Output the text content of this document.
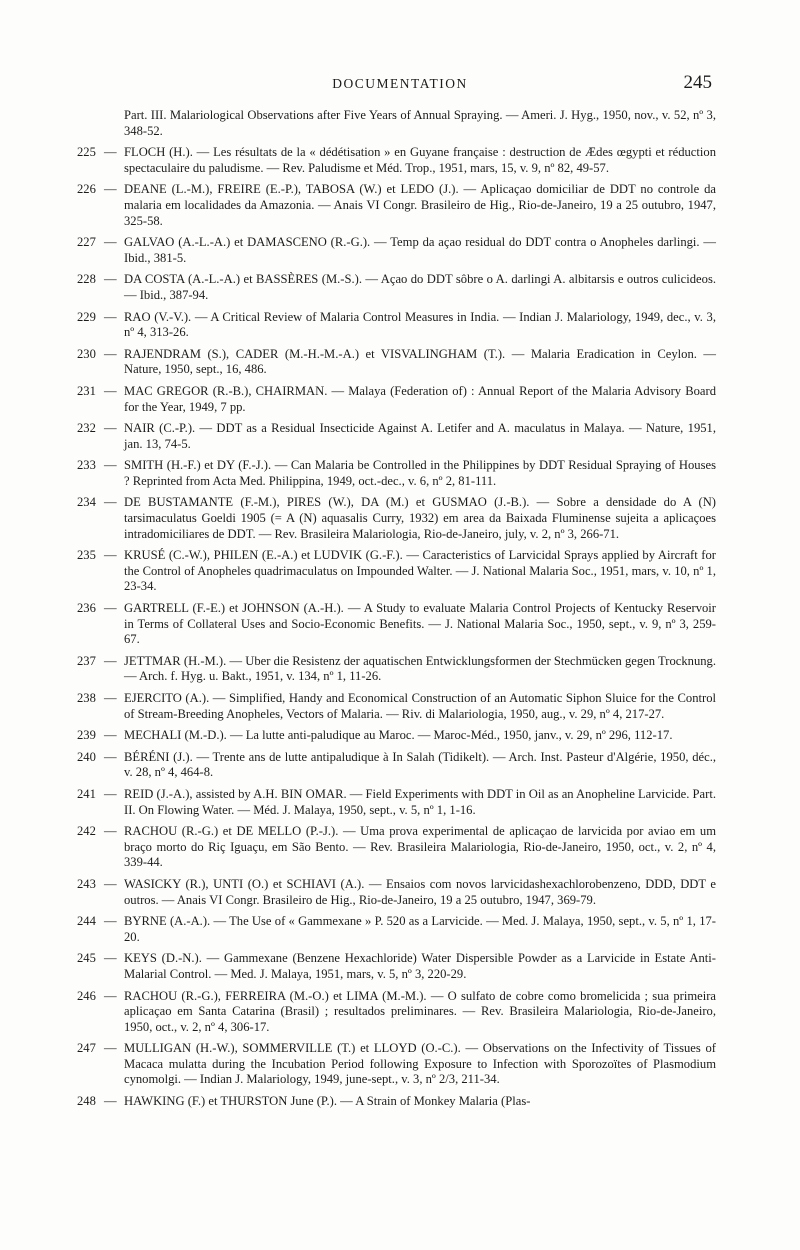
DOCUMENTATION	245
Part. III. Malariological Observations after Five Years of Annual Spraying. — Ameri. J. Hyg., 1950, nov., v. 52, nº 3, 348-52.
225 — FLOCH (H.). — Les résultats de la « dédétisation » en Guyane française : destruction de Ædes œgypti et réduction spectaculaire du paludisme. — Rev. Paludisme et Méd. Trop., 1951, mars, 15, v. 9, nº 82, 49-57.
226 — DEANE (L.-M.), FREIRE (E.-P.), TABOSA (W.) et LEDO (J.). — Aplicaçao domiciliar de DDT no controle da malaria em localidades da Amazonia. — Anais VI Congr. Brasileiro de Hig., Rio-de-Janeiro, 19 a 25 outubro, 1947, 325-58.
227 — GALVAO (A.-L.-A.) et DAMASCENO (R.-G.). — Temp da açao residual do DDT contra o Anopheles darlingi. — Ibid., 381-5.
228 — DA COSTA (A.-L.-A.) et BASSÈRES (M.-S.). — Açao do DDT sôbre o A. darlingi A. albitarsis e outros culicideos. — Ibid., 387-94.
229 — RAO (V.-V.). — A Critical Review of Malaria Control Measures in India. — Indian J. Malariology, 1949, dec., v. 3, nº 4, 313-26.
230 — RAJENDRAM (S.), CADER (M.-H.-M.-A.) et VISVALINGHAM (T.). — Malaria Eradication in Ceylon. — Nature, 1950, sept., 16, 486.
231 — MAC GREGOR (R.-B.), CHAIRMAN. — Malaya (Federation of) : Annual Report of the Malaria Advisory Board for the Year, 1949, 7 pp.
232 — NAIR (C.-P.). — DDT as a Residual Insecticide Against A. Letifer and A. maculatus in Malaya. — Nature, 1951, jan. 13, 74-5.
233 — SMITH (H.-F.) et DY (F.-J.). — Can Malaria be Controlled in the Philippines by DDT Residual Spraying of Houses ? Reprinted from Acta Med. Philippina, 1949, oct.-dec., v. 6, nº 2, 81-111.
234 — DE BUSTAMANTE (F.-M.), PIRES (W.), DA (M.) et GUSMAO (J.-B.). — Sobre a densidade do A (N) tarsimaculatus Goeldi 1905 (= A (N) aquasalis Curry, 1932) em area da Baixada Fluminense sujeita a aplicaçoes intradomiciliares de DDT. — Rev. Brasileira Malariologia, Rio-de-Janeiro, july, v. 2, nº 3, 266-71.
235 — KRUSÉ (C.-W.), PHILEN (E.-A.) et LUDVIK (G.-F.). — Caracteristics of Larvicidal Sprays applied by Aircraft for the Control of Anopheles quadrimaculatus on Impounded Walter. — J. National Malaria Soc., 1951, mars, v. 10, nº 1, 23-34.
236 — GARTRELL (F.-E.) et JOHNSON (A.-H.). — A Study to evaluate Malaria Control Projects of Kentucky Reservoir in Terms of Collateral Uses and Socio-Economic Benefits. — J. National Malaria Soc., 1950, sept., v. 9, nº 3, 259-67.
237 — JETTMAR (H.-M.). — Uber die Resistenz der aquatischen Entwicklungsformen der Stechmücken gegen Trocknung. — Arch. f. Hyg. u. Bakt., 1951, v. 134, nº 1, 11-26.
238 — EJERCITO (A.). — Simplified, Handy and Economical Construction of an Automatic Siphon Sluice for the Control of Stream-Breeding Anopheles, Vectors of Malaria. — Riv. di Malariologia, 1950, aug., v. 29, nº 4, 217-27.
239 — MECHALI (M.-D.). — La lutte anti-paludique au Maroc. — Maroc-Méd., 1950, janv., v. 29, nº 296, 112-17.
240 — BÉRÉNI (J.). — Trente ans de lutte antipaludique à In Salah (Tidikelt). — Arch. Inst. Pasteur d'Algérie, 1950, déc., v. 28, nº 4, 464-8.
241 — REID (J.-A.), assisted by A.H. BIN OMAR. — Field Experiments with DDT in Oil as an Anopheline Larvicide. Part. II. On Flowing Water. — Méd. J. Malaya, 1950, sept., v. 5, nº 1, 1-16.
242 — RACHOU (R.-G.) et DE MELLO (P.-J.). — Uma prova experimental de aplicaçao de larvicida por aviao em um braço morto do Riç Iguaçu, em São Bento. — Rev. Brasileira Malariologia, Rio-de-Janeiro, 1950, oct., v. 2, nº 4, 339-44.
243 — WASICKY (R.), UNTI (O.) et SCHIAVI (A.). — Ensaios com novos larvicidashexachlorobenzeno, DDD, DDT e outros. — Anais VI Congr. Brasileiro de Hig., Rio-de-Janeiro, 19 a 25 outubro, 1947, 369-79.
244 — BYRNE (A.-A.). — The Use of « Gammexane » P. 520 as a Larvicide. — Med. J. Malaya, 1950, sept., v. 5, nº 1, 17-20.
245 — KEYS (D.-N.). — Gammexane (Benzene Hexachloride) Water Dispersible Powder as a Larvicide in Estate Anti-Malarial Control. — Med. J. Malaya, 1951, mars, v. 5, nº 3, 220-29.
246 — RACHOU (R.-G.), FERREIRA (M.-O.) et LIMA (M.-M.). — O sulfato de cobre como bromelicida ; sua primeira aplicaçao em Santa Catarina (Brasil) ; resultados preliminares. — Rev. Brasileira Malariologia, Rio-de-Janeiro, 1950, oct., v. 2, nº 4, 306-17.
247 — MULLIGAN (H.-W.), SOMMERVILLE (T.) et LLOYD (O.-C.). — Observations on the Infectivity of Tissues of Macaca mulatta during the Incubation Period following Exposure to Infection with Sporozoïtes of Plasmodium cynomolgi. — Indian J. Malariology, 1949, june-sept., v. 3, nº 2/3, 211-34.
248 — HAWKING (F.) et THURSTON June (P.). — A Strain of Monkey Malaria (Plas-
